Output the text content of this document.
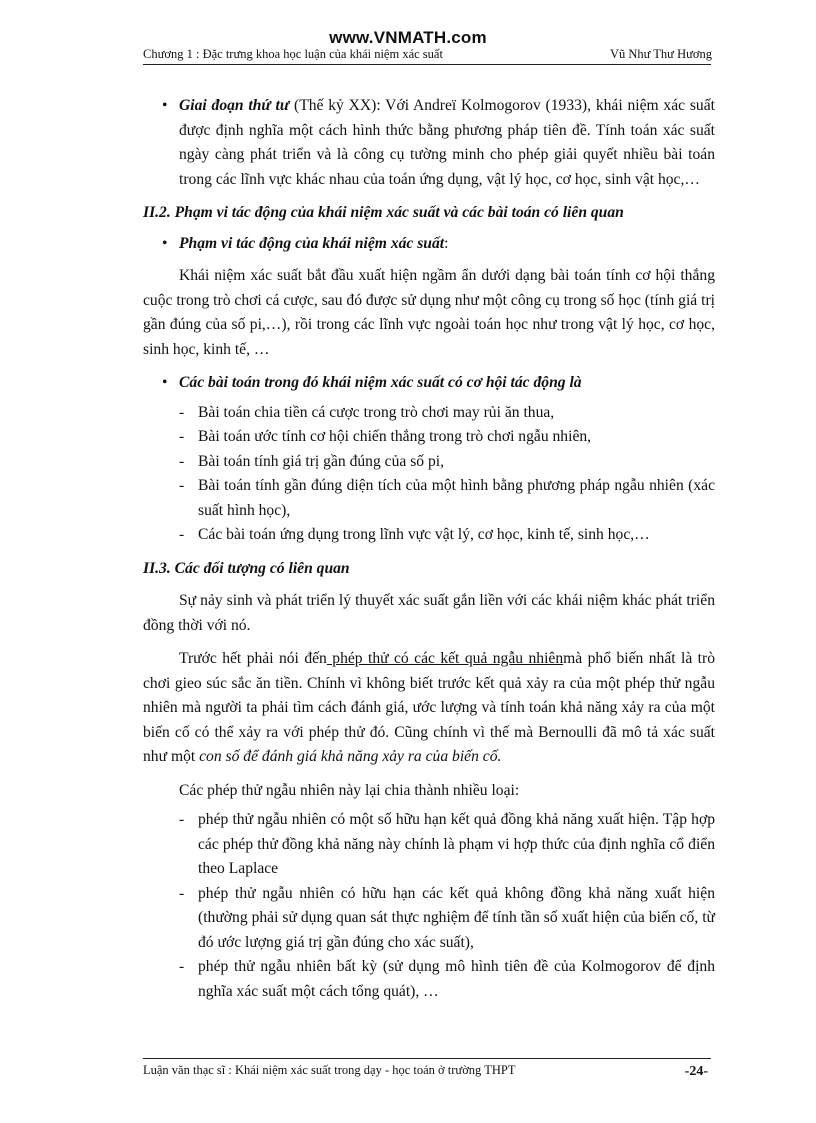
www.VNMATH.com
Chương 1 : Đặc trưng khoa học luận của khái niệm xác suất	Vũ Như Thư Hương

• Giai đoạn thứ tư (Thế kỷ XX): Với Andreï Kolmogorov (1933), khái niệm xác suất được định nghĩa một cách hình thức bằng phương pháp tiên đề. Tính toán xác suất ngày càng phát triển và là công cụ tường minh cho phép giải quyết nhiều bài toán trong các lĩnh vực khác nhau của toán ứng dụng, vật lý học, cơ học, sinh vật học,…

II.2. Phạm vi tác động của khái niệm xác suất và các bài toán có liên quan

• Phạm vi tác động của khái niệm xác suất:

Khái niệm xác suất bắt đầu xuất hiện ngầm ẩn dưới dạng bài toán tính cơ hội thắng cuộc trong trò chơi cá cược, sau đó được sử dụng như một công cụ trong số học (tính giá trị gần đúng của số pi,…), rồi trong các lĩnh vực ngoài toán học như trong vật lý học, cơ học, sinh học, kinh tế, …

• Các bài toán trong đó khái niệm xác suất có cơ hội tác động là

- Bài toán chia tiền cá cược trong trò chơi may rủi ăn thua,

- Bài toán ước tính cơ hội chiến thắng trong trò chơi ngẫu nhiên,

- Bài toán tính giá trị gần đúng của số pi,

- Bài toán tính gần đúng diện tích của một hình bằng phương pháp ngẫu nhiên (xác suất hình học),

- Các bài toán ứng dụng trong lĩnh vực vật lý, cơ học, kinh tế, sinh học,…

II.3. Các đối tượng có liên quan

Sự nảy sinh và phát triển lý thuyết xác suất gắn liền với các khái niệm khác phát triển đồng thời với nó.

Trước hết phải nói đến phép thử có các kết quả ngẫu nhiênmà phổ biến nhất là trò chơi gieo súc sắc ăn tiền. Chính vì không biết trước kết quả xảy ra của một phép thử ngẫu nhiên mà người ta phải tìm cách đánh giá, ước lượng và tính toán khả năng xảy ra của một biến cố có thể xảy ra với phép thử đó. Cũng chính vì thế mà Bernoulli đã mô tả xác suất như một con số để đánh giá khả năng xảy ra của biến cố.

Các phép thử ngẫu nhiên này lại chia thành nhiều loại:

- phép thử ngẫu nhiên có một số hữu hạn kết quả đồng khả năng xuất hiện. Tập hợp các phép thử đồng khả năng này chính là phạm vi hợp thức của định nghĩa cổ điển theo Laplace

- phép thử ngẫu nhiên có hữu hạn các kết quả không đồng khả năng xuất hiện (thường phải sử dụng quan sát thực nghiệm để tính tần số xuất hiện của biến cố, từ đó ước lượng giá trị gần đúng cho xác suất),

- phép thử ngẫu nhiên bất kỳ (sử dụng mô hình tiên đề của Kolmogorov để định nghĩa xác suất một cách tổng quát), …

Luận văn thạc sĩ : Khái niệm xác suất trong dạy - học toán ở trường THPT	-24-
